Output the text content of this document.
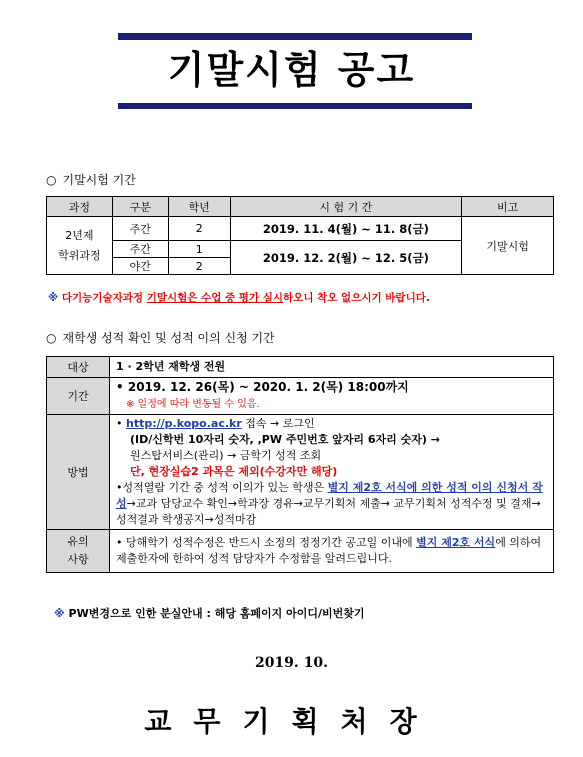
기말시험 공고
○ 기말시험 기간
과정	구분	학년	시 험 기 간	비고
2년제
학위과정	주간	2	2019. 11. 4(월) ~ 11. 8(금)	기말시험
	주간	1	2019. 12. 2(월) ~ 12. 5(금)	
	야간	2		
※ 다기능기술자과정 기말시험은 수업 중 평가 실시하오니 착오 없으시기 바랍니다.
○ 재학생 성적 확인 및 성적 이의 신청 기간
대상	1 · 2학년 재학생 전원
기간	• 2019. 12. 26(목) ~ 2020. 1. 2(목) 18:00까지
※ 일정에 따라 변동될 수 있음.
방법	• http://p.kopo.ac.kr 접속 → 로그인
(ID/신학번 10자리 숫자, ,PW 주민번호 앞자리 6자리 숫자) →
원스탑서비스(관리) → 금학기 성적 조회
단, 현장실습2 과목은 제외(수강자만 해당)
•성적열람 기간 중 성적 이의가 있는 학생은 별지 제2호 서식에 의한 성적 이의 신청서 작성→교과 담당교수 확인→학과장 경유→교무기획처 제출→ 교무기획처 성적수정 및 결재→성적결과 학생공지→성적마감
유의
사항	• 당해학기 성적수정은 반드시 소정의 정정기간 공고일 이내에 별지 제2호 서식에 의하여 제출한자에 한하여 성적 담당자가 수정함을 알려드립니다.
※ PW변경으로 인한 분실안내 : 해당 홈페이지 아이디/비번찾기
2019. 10.
교무기획처장
